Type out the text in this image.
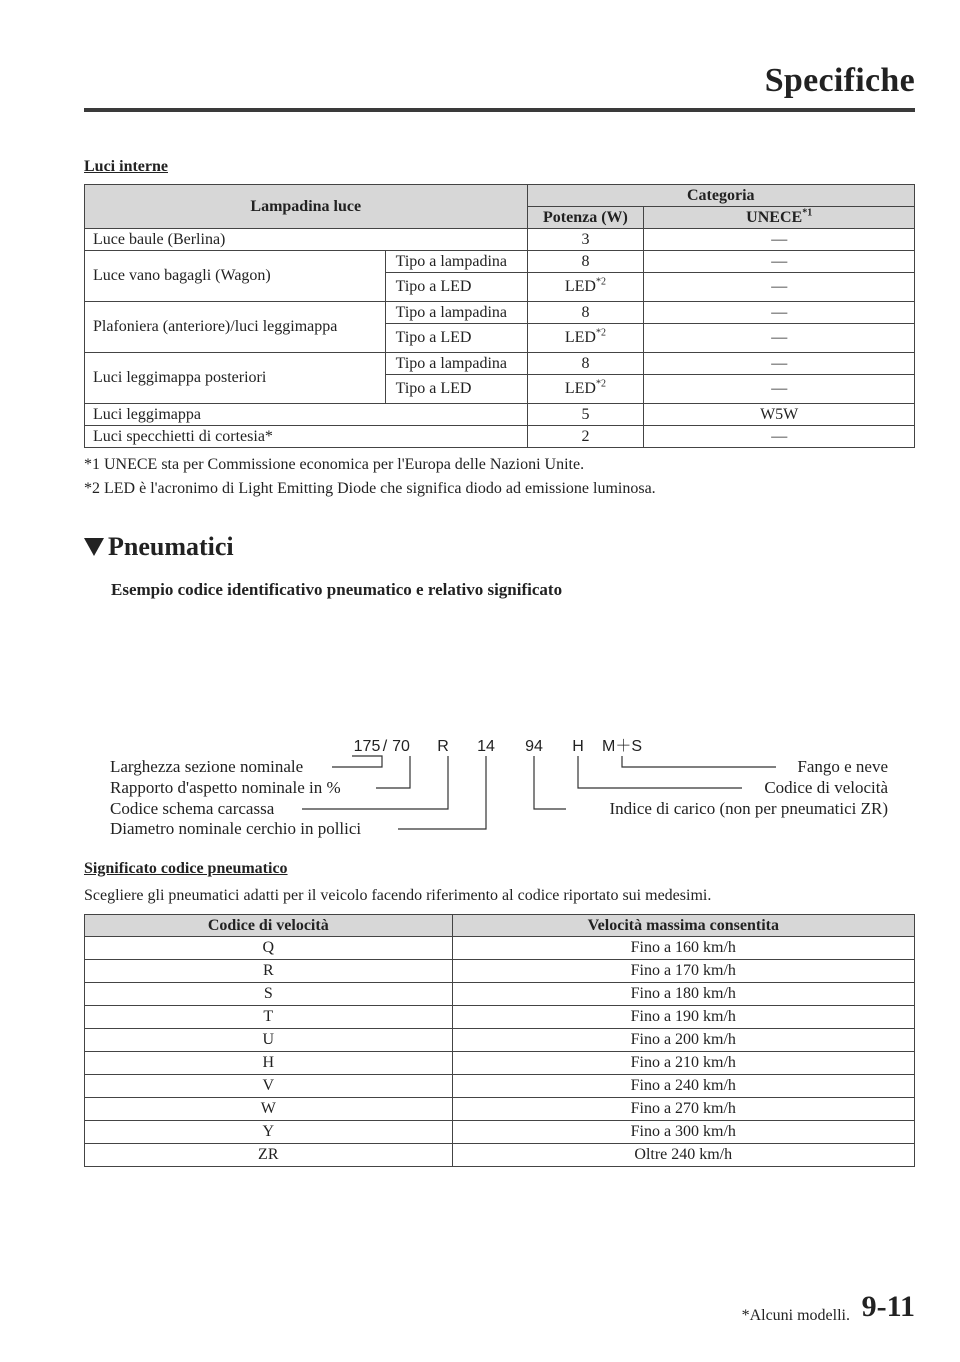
Specifiche
Luci interne
Lampadina luce		Categoria	
		Potenza (W)	UNECE$^{*1}$
Luce baule (Berlina)		3	—
Luce vano bagagli (Wagon)	Tipo a lampadina	8	—
	Tipo a LED	LED$^{*2}$	—
Plafoniera (anteriore)/luci leggimappa	Tipo a lampadina	8	—
	Tipo a LED	LED$^{*2}$	—
Luci leggimappa posteriori	Tipo a lampadina	8	—
	Tipo a LED	LED$^{*2}$	—
Luci leggimappa		5	W5W
Luci specchietti di cortesia*		2	—
*1 UNECE sta per Commissione economica per l'Europa delle Nazioni Unite.
*2 LED è l'acronimo di Light Emitting Diode che significa diodo ad emissione luminosa.
Pneumatici
Esempio codice identificativo pneumatico e relativo significato
175 / 70 R 14 94 H M＋S
Larghezza sezione nominale
Rapporto d'aspetto nominale in %
Codice schema carcassa
Diametro nominale cerchio in pollici
Fango e neve
Codice di velocità
Indice di carico (non per pneumatici ZR)
Significato codice pneumatico
Scegliere gli pneumatici adatti per il veicolo facendo riferimento al codice riportato sui medesimi.
Codice di velocità	Velocità massima consentita
Q	Fino a 160 km/h
R	Fino a 170 km/h
S	Fino a 180 km/h
T	Fino a 190 km/h
U	Fino a 200 km/h
H	Fino a 210 km/h
V	Fino a 240 km/h
W	Fino a 270 km/h
Y	Fino a 300 km/h
ZR	Oltre 240 km/h
*Alcuni modelli. 9-11
